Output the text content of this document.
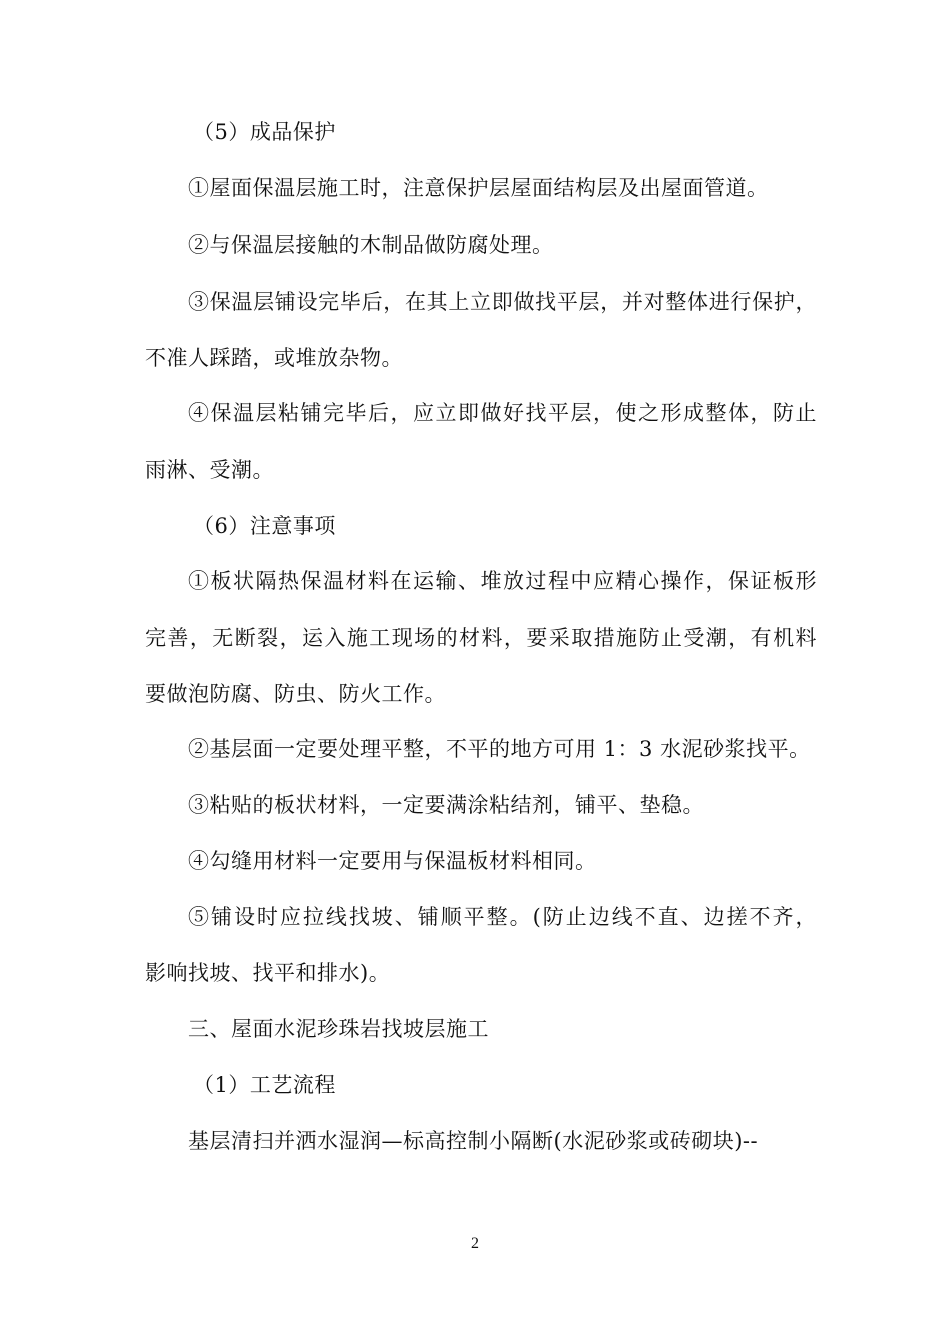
（5）成品保护
①屋面保温层施工时，注意保护层屋面结构层及出屋面管道。
②与保温层接触的木制品做防腐处理。
③保温层铺设完毕后，在其上立即做找平层，并对整体进行保护，
不准人踩踏，或堆放杂物。
④保温层粘铺完毕后，应立即做好找平层，使之形成整体，防止
雨淋、受潮。
（6）注意事项
①板状隔热保温材料在运输、堆放过程中应精心操作，保证板形
完善，无断裂，运入施工现场的材料，要采取措施防止受潮，有机料
要做泡防腐、防虫、防火工作。
②基层面一定要处理平整，不平的地方可用 1：3 水泥砂浆找平。
③粘贴的板状材料，一定要满涂粘结剂，铺平、垫稳。
④勾缝用材料一定要用与保温板材料相同。
⑤铺设时应拉线找坡、铺顺平整。(防止边线不直、边搓不齐，
影响找坡、找平和排水)。
三、屋面水泥珍珠岩找坡层施工
（1）工艺流程
基层清扫并洒水湿润—标高控制小隔断(水泥砂浆或砖砌块)--
2
